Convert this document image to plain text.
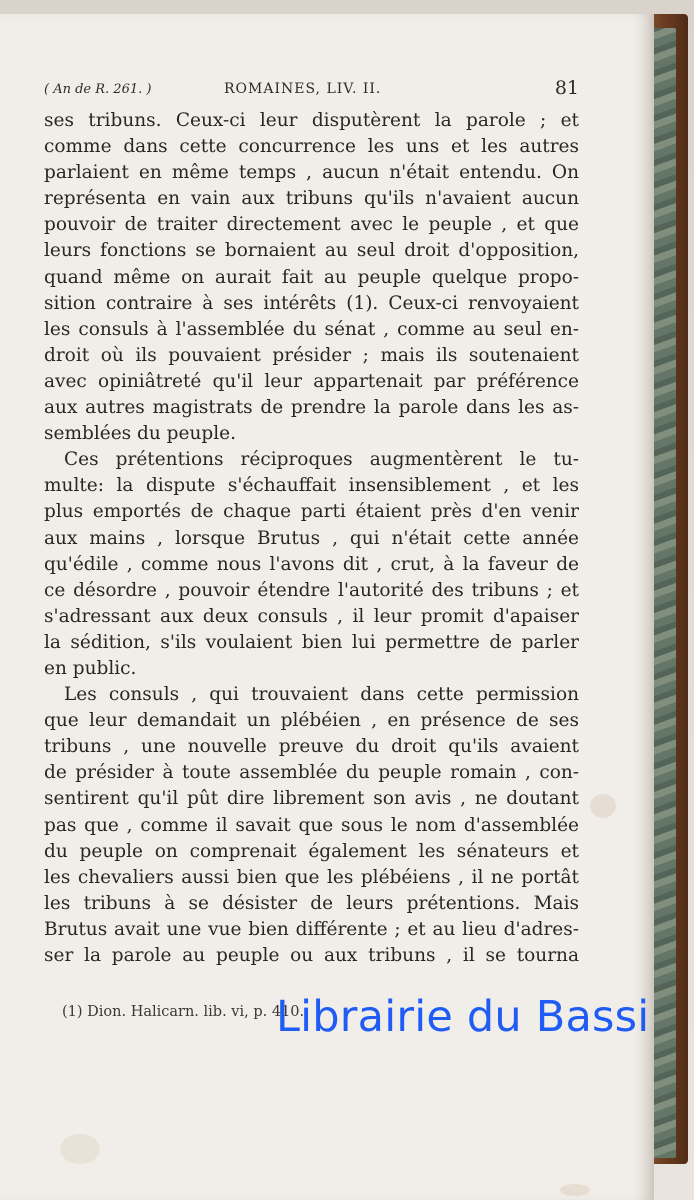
( An de R. 261. )	ROMAINES, LIV. II.	81
ses tribuns. Ceux-ci leur disputèrent la parole ; et
comme dans cette concurrence les uns et les autres
parlaient en même temps , aucun n'était entendu. On
représenta en vain aux tribuns qu'ils n'avaient aucun
pouvoir de traiter directement avec le peuple , et que
leurs fonctions se bornaient au seul droit d'opposition,
quand même on aurait fait au peuple quelque propo-
sition contraire à ses intérêts (1). Ceux-ci renvoyaient
les consuls à l'assemblée du sénat , comme au seul en-
droit où ils pouvaient présider ; mais ils soutenaient
avec opiniâtreté qu'il leur appartenait par préférence
aux autres magistrats de prendre la parole dans les as-
semblées du peuple.
Ces prétentions réciproques augmentèrent le tu-
multe: la dispute s'échauffait insensiblement , et les
plus emportés de chaque parti étaient près d'en venir
aux mains , lorsque Brutus , qui n'était cette année
qu'édile , comme nous l'avons dit , crut, à la faveur de
ce désordre , pouvoir étendre l'autorité des tribuns ; et
s'adressant aux deux consuls , il leur promit d'apaiser
la sédition, s'ils voulaient bien lui permettre de parler
en public.
Les consuls , qui trouvaient dans cette permission
que leur demandait un plébéien , en présence de ses
tribuns , une nouvelle preuve du droit qu'ils avaient
de présider à toute assemblée du peuple romain , con-
sentirent qu'il pût dire librement son avis , ne doutant
pas que , comme il savait que sous le nom d'assemblée
du peuple on comprenait également les sénateurs et
les chevaliers aussi bien que les plébéiens , il ne portât
les tribuns à se désister de leurs prétentions. Mais
Brutus avait une vue bien différente ; et au lieu d'adres-
ser la parole au peuple ou aux tribuns , il se tourna
(1) Dion. Halicarn. lib. vi, p. 410.
Librairie du Bassi
